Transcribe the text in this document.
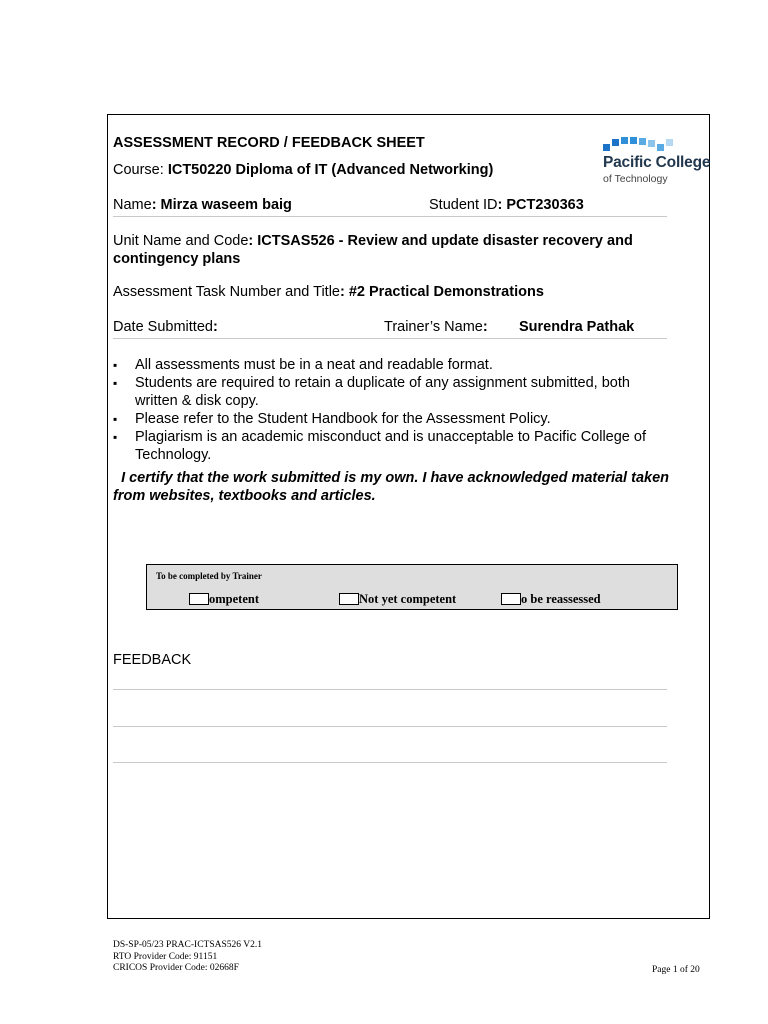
ASSESSMENT RECORD / FEEDBACK SHEET
Course: ICT50220 Diploma of IT (Advanced Networking)	Pacific College
of Technology
Name: Mirza waseem baig	Student ID: PCT230363
Unit Name and Code: ICTSAS526 - Review and update disaster recovery and contingency plans
Assessment Task Number and Title: #2 Practical Demonstrations
Date Submitted:	Trainer’s Name: Surendra Pathak
▪ All assessments must be in a neat and readable format.
▪ Students are required to retain a duplicate of any assignment submitted, both written & disk copy.
▪ Please refer to the Student Handbook for the Assessment Policy.
▪ Plagiarism is an academic misconduct and is unacceptable to Pacific College of Technology.
I certify that the work submitted is my own. I have acknowledged material taken from websites, textbooks and articles.
To be completed by Trainer
ompetent	Not yet competent	o be reassessed
FEEDBACK
DS-SP-05/23 PRAC-ICTSAS526 V2.1
RTO Provider Code: 91151
CRICOS Provider Code: 02668F	Page 1 of 20
